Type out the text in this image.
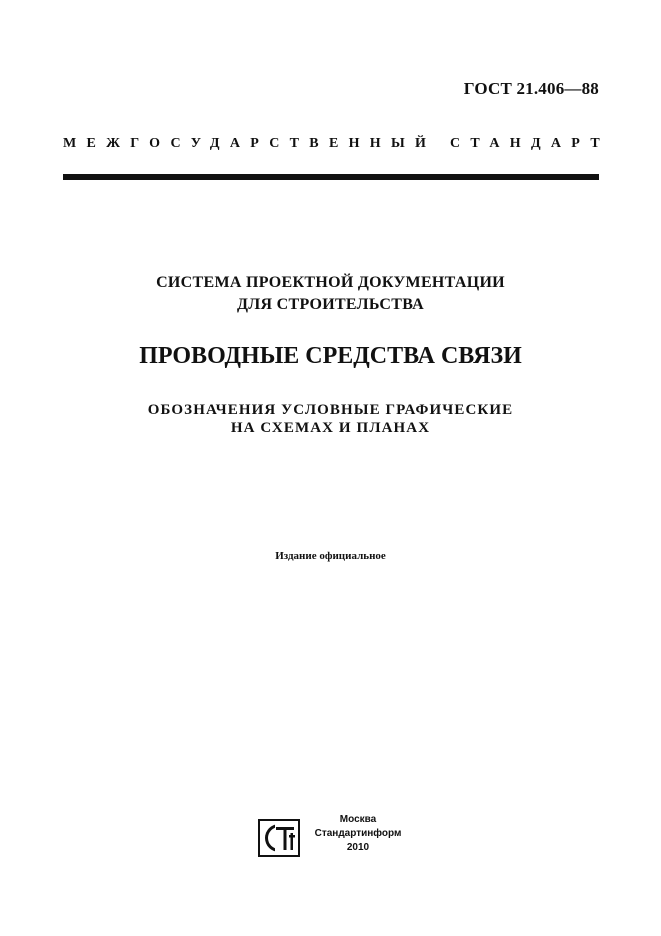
ГОСТ 21.406—88
МЕЖГОСУДАРСТВЕННЫЙ СТАНДАРТ
СИСТЕМА ПРОЕКТНОЙ ДОКУМЕНТАЦИИ
ДЛЯ СТРОИТЕЛЬСТВА
ПРОВОДНЫЕ СРЕДСТВА СВЯЗИ
ОБОЗНАЧЕНИЯ УСЛОВНЫЕ ГРАФИЧЕСКИЕ
НА СХЕМАХ И ПЛАНАХ
Издание официальное
Москва
Стандартинформ
2010
